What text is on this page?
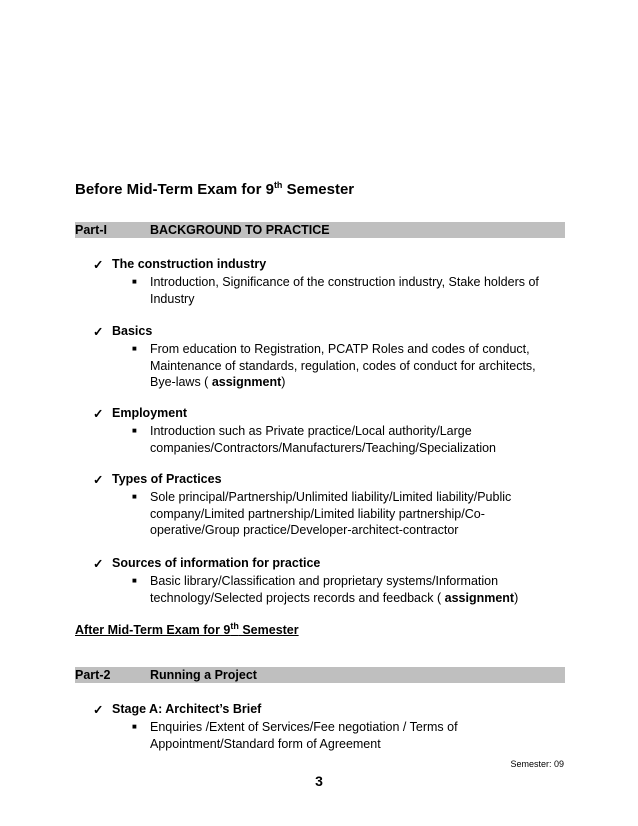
Before Mid-Term Exam for 9th Semester
Part-I	BACKGROUND TO PRACTICE
✓ The construction industry
■ Introduction, Significance of the construction industry, Stake holders of
Industry
✓ Basics
■ From education to Registration, PCATP Roles and codes of conduct,
Maintenance of standards, regulation, codes of conduct for architects,
Bye-laws ( assignment)
✓ Employment
■ Introduction such as Private practice/Local authority/Large
companies/Contractors/Manufacturers/Teaching/Specialization
✓ Types of Practices
■ Sole principal/Partnership/Unlimited liability/Limited liability/Public
company/Limited partnership/Limited liability partnership/Co-
operative/Group practice/Developer-architect-contractor
✓ Sources of information for practice
■ Basic library/Classification and proprietary systems/Information
technology/Selected projects records and feedback ( assignment)
After Mid-Term Exam for 9th Semester
Part-2	Running a Project
✓ Stage A: Architect’s Brief
■ Enquiries /Extent of Services/Fee negotiation / Terms of
Appointment/Standard form of Agreement
Semester: 09
3
